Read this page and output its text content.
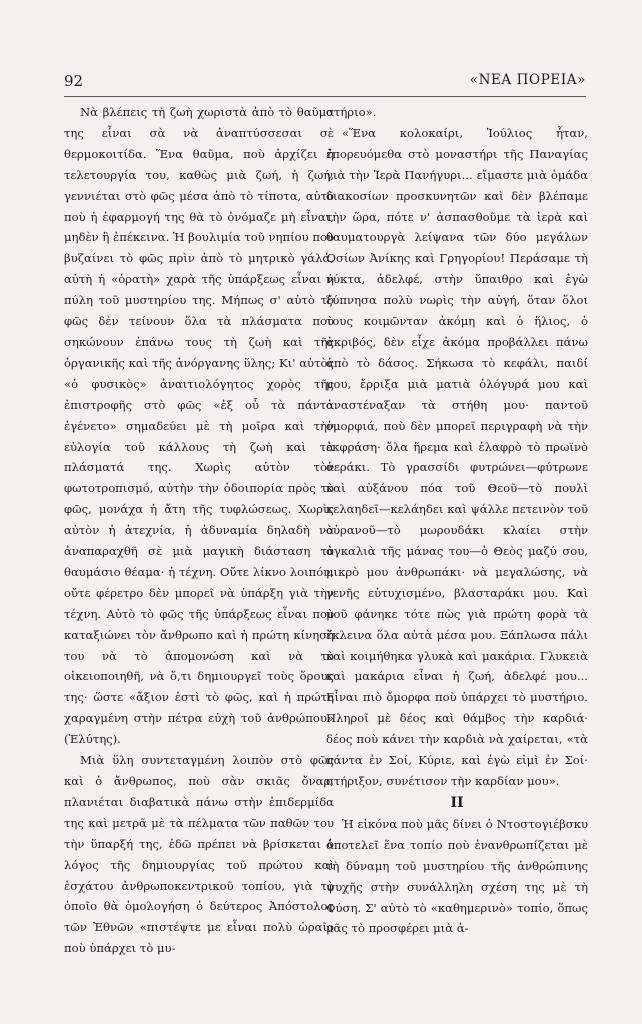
92	«ΝΕΑ ΠΟΡΕΙΑ»

Νὰ βλέπεις τὴ ζωὴ χωριστὰ ἀπὸ τὸ θαῦμα της εἶναι σὰ νὰ ἀναπτύσσεσαι σὲ θερμοκοιτίδα. Ἕνα θαῦμα, ποὺ ἀρχίζει ἡ τελετουργία του, καθὼς μιὰ ζωή, ἡ ζωή, γεννιέται στὸ φῶς μέσα ἀπὸ τὸ τίποτα, αὐτὸ ποὺ ἡ ἐφαρμογή της θὰ τὸ ὀνόμαζε μὴ εἶναι, μηδὲν ἢ ἐπέκεινα. Ἡ βουλιμία τοῦ νηπίου ποὺ βυζαίνει τὸ φῶς πρὶν ἀπὸ τὸ μητρικὸ γάλα, αὐτὴ ἡ «ὁρατὴ» χαρὰ τῆς ὑπάρξεως εἶναι ἡ πύλη τοῦ μυστηρίου της. Μήπως σ' αὐτὸ τὸ φῶς δὲν τείνουν ὅλα τὰ πλάσματα ποὺ σηκώνουν ἐπάνω τους τὴ ζωὴ καὶ τῆς ὀργανικῆς καὶ τῆς ἀνόργανης ὕλης; Κι' αὐτὸς «ὁ φυσικὸς» ἀναιτιολόγητος χορὸς τῆς ἐπιστροφῆς στὸ φῶς «ἐξ οὗ τὰ πάντα ἐγένετο» σημαδεύει μὲ τὴ μοῖρα καὶ τὴν εὐλογία τοῦ κάλλους τὴ ζωὴ καὶ τὰ πλάσματά της. Χωρὶς αὐτὸν τὸν φωτοτροπισμό, αὐτὴν τὴν ὁδοιπορία πρὸς τὸ φῶς, μονάχα ἡ ἄτη τῆς τυφλώσεως. Χωρὶς αὐτὸν ἡ ἀτεχνία, ἡ ἀδυναμία δηλαδὴ νὰ ἀναπαραχθῆ σὲ μιὰ μαγικὴ διάσταση τὸ θαυμάσιο θέαμα· ἡ τέχνη. Οὔτε λίκνο λοιπόν, οὔτε φέρετρο δὲν μπορεῖ νὰ ὑπάρξη γιὰ τὴν τέχνη. Αὐτὸ τὸ φῶς τῆς ὑπάρξεως εἶναι ποὺ καταξιώνει τὸν ἄνθρωπο καὶ ἡ πρώτη κίνησή του νὰ τὸ ἀπομονώση καὶ νὰ τὸ οἰκειοποιηθῆ, νὰ ὅ,τι δημιουργεῖ τοὺς ὅρους της· ὥστε «ἄξιον ἐστὶ τὸ φῶς, καὶ ἡ πρώτη χαραγμένη στὴν πέτρα εὐχὴ τοῦ ἀνθρώπου» (Ἐλύτης).

Μιὰ ὕλη συντεταγμένη λοιπὸν στὸ φῶς καὶ ὁ ἄνθρωπος, ποὺ σὰν σκιᾶς ὄναρ, πλανιέται διαβατικὰ πάνω στὴν ἐπιδερμίδα της καὶ μετρᾶ μὲ τὰ πέλματα τῶν παθῶν του τὴν ὕπαρξή της, ἐδῶ πρέπει νὰ βρίσκεται ὁ λόγος τῆς δημιουργίας τοῦ πρώτου καὶ ἐσχάτου ἀνθρωποκεντρικοῦ τοπίου, γιὰ τὸ ὁποῖο θὰ ὁμολογήση ὁ δεύτερος Ἀπόστολος τῶν Ἐθνῶν «πιστέψτε με εἶναι πολὺ ὡραῖο ποὺ ὑπάρχει τὸ μυ-

στήριο».

«Ἕνα κολοκαίρι, Ἰούλιος ἦταν, ἐπορευόμεθα στὸ μοναστήρι τῆς Παναγίας γιὰ τὴν Ἱερὰ Πανήγυρι... εἴμαστε μιὰ ὁμάδα διακοσίων προσκυνητῶν καὶ δὲν βλέπαμε τὴν ὥρα, πότε ν' ἀσπασθοῦμε τὰ ἱερὰ καὶ θαυματουργὰ λείψανα τῶν δύο μεγάλων Ὁσίων Ἀνίκης καὶ Γρηγορίου! Περάσαμε τὴ νύκτα, ἀδελφέ, στὴν ὕπαιθρο καὶ ἐγὼ ξύπνησα πολὺ νωρὶς τὴν αὐγή, ὅταν ὅλοι τους κοιμῶνταν ἀκόμη καὶ ὁ ἥλιος, ὁ ἀκριβός, δὲν εἶχε ἀκόμα προβάλλει πάνω ἀπὸ τὸ δάσος. Σήκωσα τὸ κεφάλι, παιδί μου, ἔρριξα μιὰ ματιὰ ὁλόγυρά μου καὶ ἀναστέναξαν τὰ στήθη μου· παντοῦ ὀμορφιά, ποὺ δὲν μπορεῖ περιγραφὴ νὰ τὴν ἐκφράση· ὅλα ἥρεμα καὶ ἐλαφρὸ τὸ πρωϊνὸ ἀεράκι. Τὸ γρασσίδι φυτρώνει—φύτρωνε καὶ αὐξάνου πόα τοῦ Θεοῦ—τὸ πουλὶ κελαηδεῖ—κελάηδει καὶ ψάλλε πετεινὸν τοῦ οὐρανοῦ—τὸ μωρουδάκι κλαίει στὴν ἀγκαλιὰ τῆς μάνας του—ὁ Θεὸς μαζύ σου, μικρὸ μου ἀνθρωπάκι· νὰ μεγαλώσης, νὰ γενῆς εὐτυχισμένο, βλασταράκι μου. Καὶ μοῦ φάνηκε τότε πὼς γιὰ πρώτη φορὰ τὰ ἔκλεινα ὅλα αὐτὰ μέσα μου. Ξάπλωσα πάλι καὶ κοιμήθηκα γλυκὰ καὶ μακάρια. Γλυκειὰ καὶ μακάρια εἶναι ἡ ζωή, ἀδελφέ μου... Εἶναι πιὸ ὄμορφα ποὺ ὑπάρχει τὸ μυστήριο. Πληροῖ μὲ δέος καὶ θάμβος τὴν καρδιά· δέος ποὺ κάνει τὴν καρδιὰ νὰ χαίρεται, «τὰ πάντα ἐν Σοί, Κύριε, καὶ ἐγὼ εἰμὶ ἐν Σοί· στήριξον, συνέτισον τὴν καρδίαν μου».

II

Ἡ εἰκόνα ποὺ μᾶς δίνει ὁ Ντοστογιέβσκυ ἀποτελεῖ ἕνα τοπίο ποὺ ἐνανθρωπίζεται μὲ τὴ δύναμη τοῦ μυστηρίου τῆς ἀνθρώπινης ψυχῆς στὴν συνάλληλη σχέση της μὲ τὴ Φύση. Σ' αὐτὸ τὸ «καθημερινὸ» τοπίο, ὅπως μᾶς τὸ προσφέρει μιὰ ἀ-
